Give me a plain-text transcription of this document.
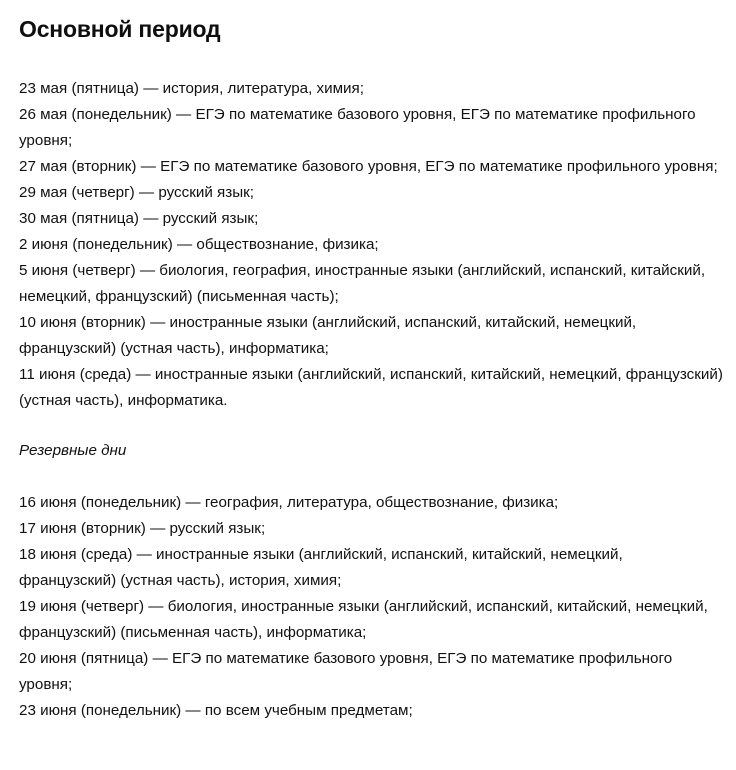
Основной период
23 мая (пятница) — история, литература, химия;
26 мая (понедельник) — ЕГЭ по математике базового уровня, ЕГЭ по математике профильного уровня;
27 мая (вторник) — ЕГЭ по математике базового уровня, ЕГЭ по математике профильного уровня;
29 мая (четверг) — русский язык;
30 мая (пятница) — русский язык;
2 июня (понедельник) — обществознание, физика;
5 июня (четверг) — биология, география, иностранные языки (английский, испанский, китайский, немецкий, французский) (письменная часть);
10 июня (вторник) — иностранные языки (английский, испанский, китайский, немецкий, французский) (устная часть), информатика;
11 июня (среда) — иностранные языки (английский, испанский, китайский, немецкий, французский) (устная часть), информатика.

Резервные дни

16 июня (понедельник) — география, литература, обществознание, физика;
17 июня (вторник) — русский язык;
18 июня (среда) — иностранные языки (английский, испанский, китайский, немецкий, французский) (устная часть), история, химия;
19 июня (четверг) — биология, иностранные языки (английский, испанский, китайский, немецкий, французский) (письменная часть), информатика;
20 июня (пятница) — ЕГЭ по математике базового уровня, ЕГЭ по математике профильного уровня;
23 июня (понедельник) — по всем учебным предметам;
